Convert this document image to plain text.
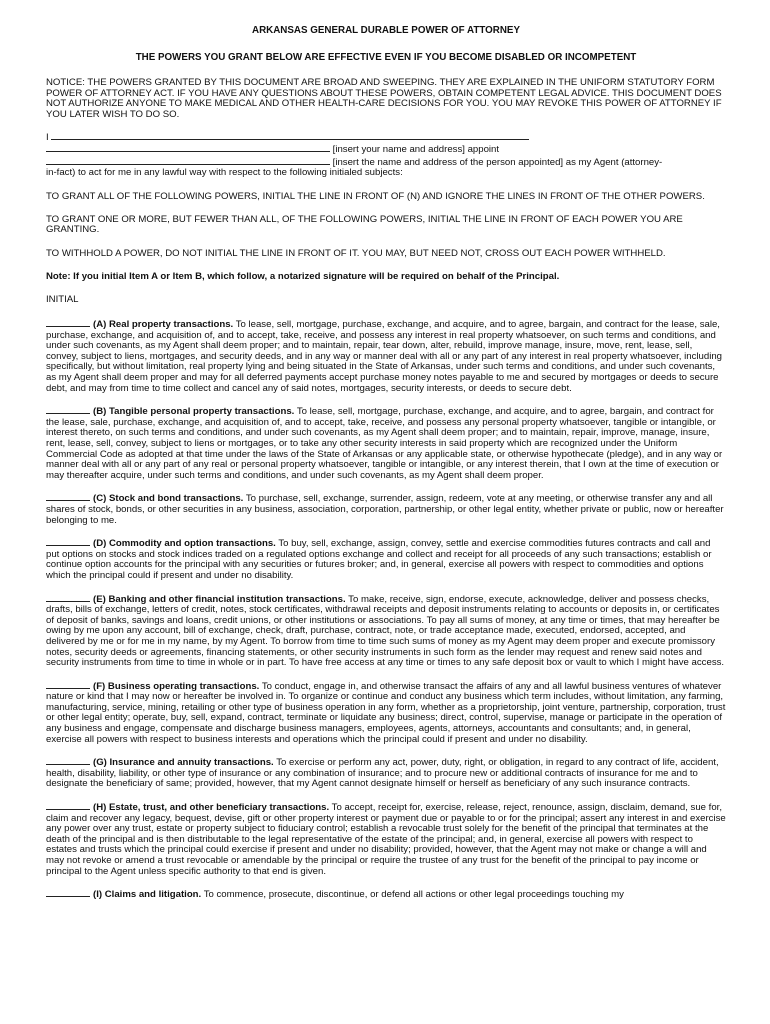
ARKANSAS GENERAL DURABLE POWER OF ATTORNEY
THE POWERS YOU GRANT BELOW ARE EFFECTIVE EVEN IF YOU BECOME DISABLED OR INCOMPETENT

NOTICE: THE POWERS GRANTED BY THIS DOCUMENT ARE BROAD AND SWEEPING. THEY ARE EXPLAINED IN THE UNIFORM STATUTORY FORM POWER OF ATTORNEY ACT. IF YOU HAVE ANY QUESTIONS ABOUT THESE POWERS, OBTAIN COMPETENT LEGAL ADVICE. THIS DOCUMENT DOES NOT AUTHORIZE ANYONE TO MAKE MEDICAL AND OTHER HEALTH-CARE DECISIONS FOR YOU. YOU MAY REVOKE THIS POWER OF ATTORNEY IF YOU LATER WISH TO DO SO.

I
[insert your name and address] appoint
[insert the name and address of the person appointed] as my Agent (attorney-
in-fact) to act for me in any lawful way with respect to the following initialed subjects:

TO GRANT ALL OF THE FOLLOWING POWERS, INITIAL THE LINE IN FRONT OF (N) AND IGNORE THE LINES IN FRONT OF THE OTHER POWERS.

TO GRANT ONE OR MORE, BUT FEWER THAN ALL, OF THE FOLLOWING POWERS, INITIAL THE LINE IN FRONT OF EACH POWER YOU ARE GRANTING.

TO WITHHOLD A POWER, DO NOT INITIAL THE LINE IN FRONT OF IT. YOU MAY, BUT NEED NOT, CROSS OUT EACH POWER WITHHELD.

Note: If you initial Item A or Item B, which follow, a notarized signature will be required on behalf of the Principal.

INITIAL

(A) Real property transactions. To lease, sell, mortgage, purchase, exchange, and acquire, and to agree, bargain, and contract for the lease, sale, purchase, exchange, and acquisition of, and to accept, take, receive, and possess any interest in real property whatsoever, on such terms and conditions, and under such covenants, as my Agent shall deem proper; and to maintain, repair, tear down, alter, rebuild, improve manage, insure, move, rent, lease, sell, convey, subject to liens, mortgages, and security deeds, and in any way or manner deal with all or any part of any interest in real property whatsoever, including specifically, but without limitation, real property lying and being situated in the State of Arkansas, under such terms and conditions, and under such covenants, as my Agent shall deem proper and may for all deferred payments accept purchase money notes payable to me and secured by mortgages or deeds to secure debt, and may from time to time collect and cancel any of said notes, mortgages, security interests, or deeds to secure debt.

(B) Tangible personal property transactions. To lease, sell, mortgage, purchase, exchange, and acquire, and to agree, bargain, and contract for the lease, sale, purchase, exchange, and acquisition of, and to accept, take, receive, and possess any personal property whatsoever, tangible or intangible, or interest thereto, on such terms and conditions, and under such covenants, as my Agent shall deem proper; and to maintain, repair, improve, manage, insure, rent, lease, sell, convey, subject to liens or mortgages, or to take any other security interests in said property which are recognized under the Uniform Commercial Code as adopted at that time under the laws of the State of Arkansas or any applicable state, or otherwise hypothecate (pledge), and in any way or manner deal with all or any part of any real or personal property whatsoever, tangible or intangible, or any interest therein, that I own at the time of execution or may thereafter acquire, under such terms and conditions, and under such covenants, as my Agent shall deem proper.

(C) Stock and bond transactions. To purchase, sell, exchange, surrender, assign, redeem, vote at any meeting, or otherwise transfer any and all shares of stock, bonds, or other securities in any business, association, corporation, partnership, or other legal entity, whether private or public, now or hereafter belonging to me.

(D) Commodity and option transactions. To buy, sell, exchange, assign, convey, settle and exercise commodities futures contracts and call and put options on stocks and stock indices traded on a regulated options exchange and collect and receipt for all proceeds of any such transactions; establish or continue option accounts for the principal with any securities or futures broker; and, in general, exercise all powers with respect to commodities and options which the principal could if present and under no disability.

(E) Banking and other financial institution transactions. To make, receive, sign, endorse, execute, acknowledge, deliver and possess checks, drafts, bills of exchange, letters of credit, notes, stock certificates, withdrawal receipts and deposit instruments relating to accounts or deposits in, or certificates of deposit of banks, savings and loans, credit unions, or other institutions or associations. To pay all sums of money, at any time or times, that may hereafter be owing by me upon any account, bill of exchange, check, draft, purchase, contract, note, or trade acceptance made, executed, endorsed, accepted, and delivered by me or for me in my name, by my Agent. To borrow from time to time such sums of money as my Agent may deem proper and execute promissory notes, security deeds or agreements, financing statements, or other security instruments in such form as the lender may request and renew said notes and security instruments from time to time in whole or in part. To have free access at any time or times to any safe deposit box or vault to which I might have access.

(F) Business operating transactions. To conduct, engage in, and otherwise transact the affairs of any and all lawful business ventures of whatever nature or kind that I may now or hereafter be involved in. To organize or continue and conduct any business which term includes, without limitation, any farming, manufacturing, service, mining, retailing or other type of business operation in any form, whether as a proprietorship, joint venture, partnership, corporation, trust or other legal entity; operate, buy, sell, expand, contract, terminate or liquidate any business; direct, control, supervise, manage or participate in the operation of any business and engage, compensate and discharge business managers, employees, agents, attorneys, accountants and consultants; and, in general, exercise all powers with respect to business interests and operations which the principal could if present and under no disability.

(G) Insurance and annuity transactions. To exercise or perform any act, power, duty, right, or obligation, in regard to any contract of life, accident, health, disability, liability, or other type of insurance or any combination of insurance; and to procure new or additional contracts of insurance for me and to designate the beneficiary of same; provided, however, that my Agent cannot designate himself or herself as beneficiary of any such insurance contracts.

(H) Estate, trust, and other beneficiary transactions. To accept, receipt for, exercise, release, reject, renounce, assign, disclaim, demand, sue for, claim and recover any legacy, bequest, devise, gift or other property interest or payment due or payable to or for the principal; assert any interest in and exercise any power over any trust, estate or property subject to fiduciary control; establish a revocable trust solely for the benefit of the principal that terminates at the death of the principal and is then distributable to the legal representative of the estate of the principal; and, in general, exercise all powers with respect to estates and trusts which the principal could exercise if present and under no disability; provided, however, that the Agent may not make or change a will and may not revoke or amend a trust revocable or amendable by the principal or require the trustee of any trust for the benefit of the principal to pay income or principal to the Agent unless specific authority to that end is given.

(I) Claims and litigation. To commence, prosecute, discontinue, or defend all actions or other legal proceedings touching my
